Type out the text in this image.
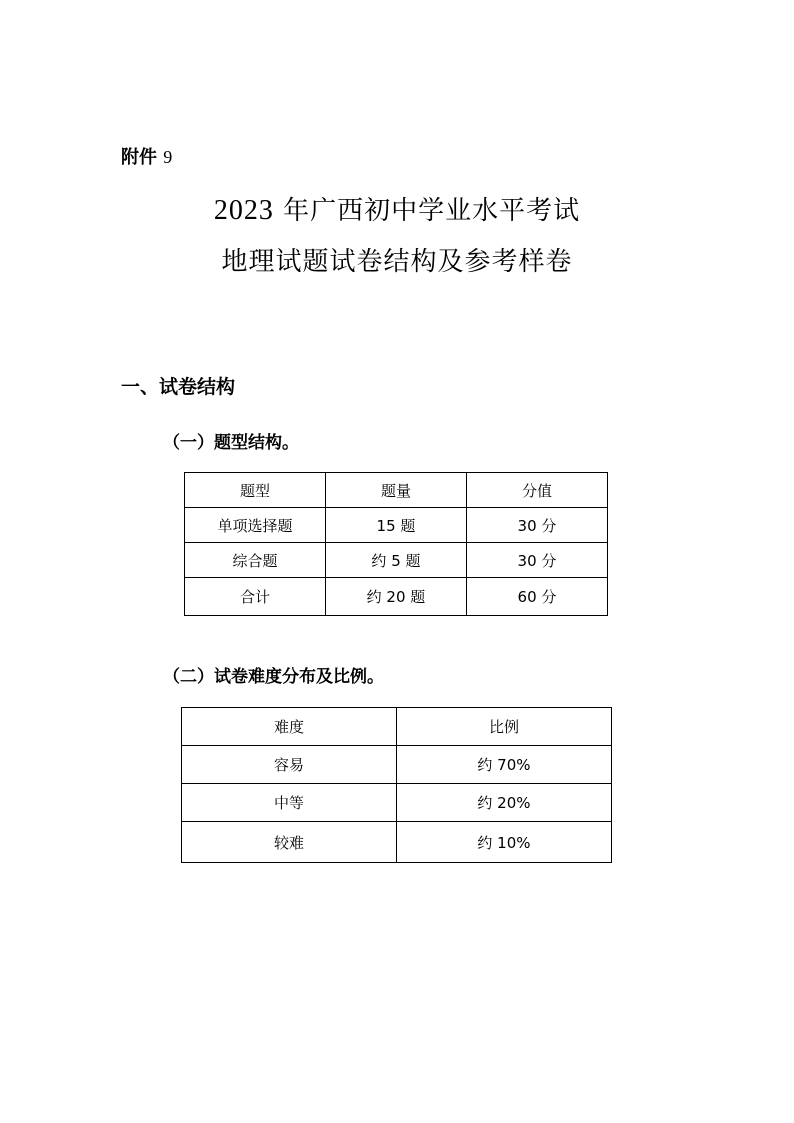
附件 9
2023 年广西初中学业水平考试
地理试题试卷结构及参考样卷
一、试卷结构
（一）题型结构。
题型	题量	分值
单项选择题	15 题	30 分
综合题	约 5 题	30 分
合计	约 20 题	60 分
（二）试卷难度分布及比例。
难度	比例
容易	约 70%
中等	约 20%
较难	约 10%
